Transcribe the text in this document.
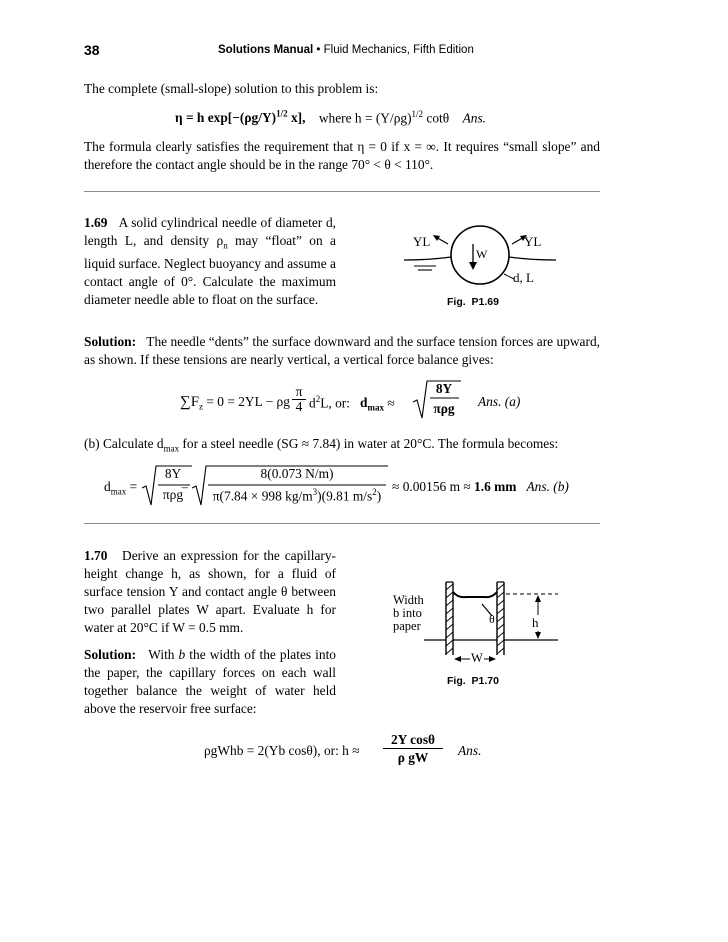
38	Solutions Manual • Fluid Mechanics, Fifth Edition
The complete (small-slope) solution to this problem is:
η = h $\exp[-(\rho g/Y)^{1/2}$ x], where $h = (Y/\rho g)^{1/2}$ cotθ Ans.
The formula clearly satisfies the requirement that η = 0 if x = ∞. It requires “small slope” and therefore the contact angle should be in the range 70° < θ < 110°.
1.69 A solid cylindrical needle of diameter d, length L, and density $\rho_n$ may “float” on a liquid surface. Neglect buoyancy and assume a contact angle of 0°. Calculate the maximum diameter needle able to float on the surface.
YL	YL
W
d, L
Fig.  P1.69
Solution: The needle “dents” the surface downward and the surface tension forces are upward, as shown. If these tensions are nearly vertical, a vertical force balance gives:
$\sum F_z = 0 = 2YL - \rho g \frac{\pi}{4} d^2L$, or: $d_{max}$ ≈
8Y
πρg	Ans. (a)
(b) Calculate $d_{max}$ for a steel needle (SG ≈ 7.84) in water at 20°C. The formula becomes:
$d_{max}$ =
8Y
πρg
=
8(0.073 N/m)
π(7.84 × 998 $kg/m^3)(9.81$ $m/s^2$)
≈ 0.00156 m ≈ 1.6 mm Ans. (b)
1.70 Derive an expression for the capillary-height change h, as shown, for a fluid of surface tension Y and contact angle θ between two parallel plates W apart. Evaluate h for water at 20°C if W = 0.5 mm.
Solution: With b the width of the plates into the paper, the capillary forces on each wall together balance the weight of water held above the reservoir free surface:
Width
b into
paper	θ	h
W
Fig.  P1.70
ρgWhb = 2(Yb cosθ), or: $h \approx \frac{\text{2Y cosθ}}{\text{ρ gW}}$ Ans.
